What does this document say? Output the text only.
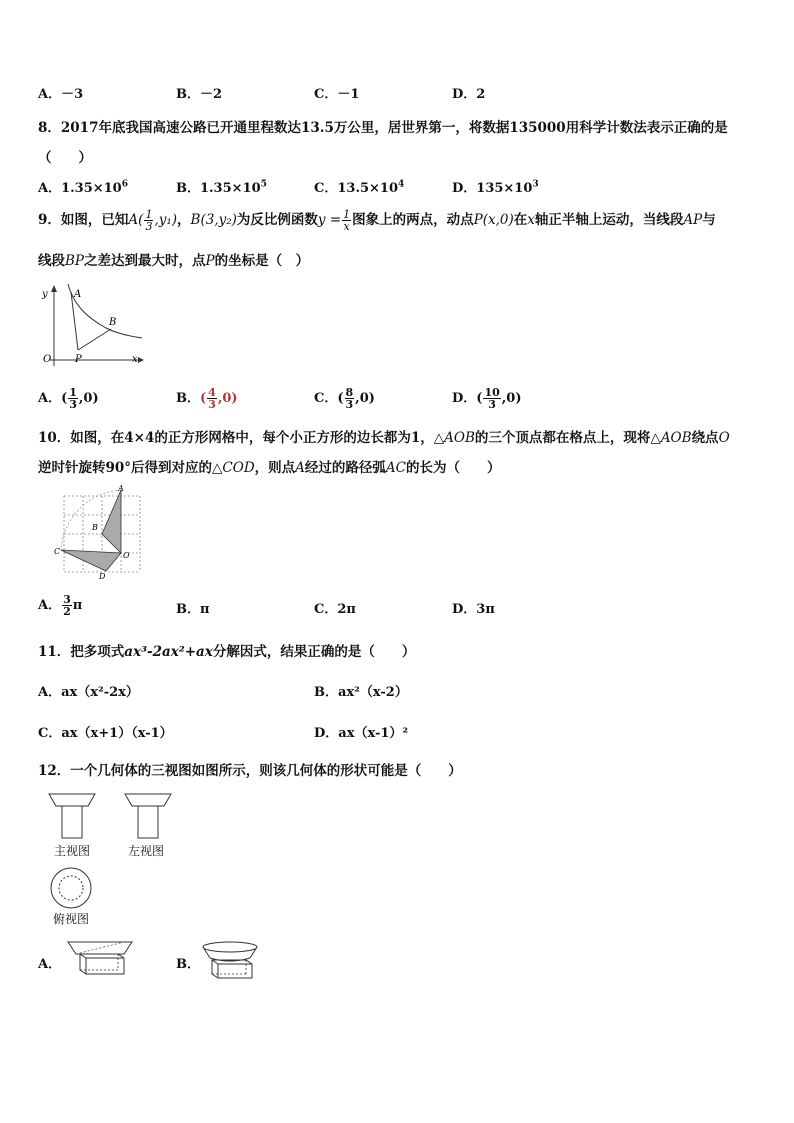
A．－3	B．－2	C．－1	D．2
8．2017年底我国高速公路已开通里程数达13.5万公里，居世界第一，将数据135000用科学计数法表示正确的是
（　　）
A．$1.35\times 10^6$	B．$1.35\times 10^5$	C．$13.5\times 10^4$	D．$135\times 10^3$
9．如图，已知$A( \frac{1}{3} ,y_1)$，B(3,y₂)为反比例函数$y = \frac{1}{x}$ 图象上的两点，动点P(x,0)在x轴正半轴上运动，当线段AP与
线段BP之差达到最大时，点P的坐标是（　）
y	A
B
O P	x
A．( $\frac{1}{3} ,0$)	B．( $\frac{4}{3} ,0$)	C．( $\frac{8}{3} ,0$)	D．( $\frac{10}{3} ,0$)
10．如图，在4×4的正方形网格中，每个小正方形的边长都为1，△AOB的三个顶点都在格点上，现将△AOB绕点O
逆时针旋转90°后得到对应的△COD，则点A经过的路径弧AC的长为（　　）
A
B
C	O
D
A． $\frac{3}{2}$ π	B．π	C．2π	D．3π
11．把多项式ax³-2ax²+ax分解因式，结果正确的是（　　）
A．ax（x²-2x）	B．ax²（x-2）
C．ax（x+1）（x-1）	D．ax（x-1）²
12．一个几何体的三视图如图所示，则该几何体的形状可能是（　　）
主视图	左视图
俯视图
A．	B．
